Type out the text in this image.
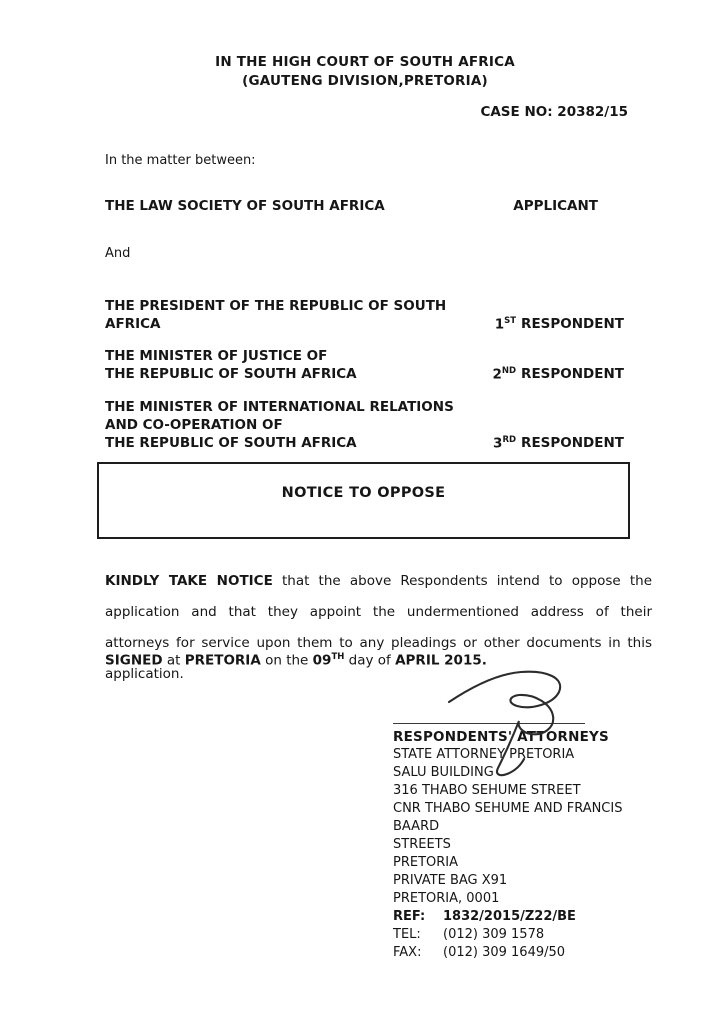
IN THE HIGH COURT OF SOUTH AFRICA
(GAUTENG DIVISION,PRETORIA)
CASE NO: 20382/15
In the matter between:
THE LAW SOCIETY OF SOUTH AFRICA	APPLICANT
And
THE PRESIDENT OF THE REPUBLIC OF SOUTH AFRICA	1ST RESPONDENT
THE MINISTER OF JUSTICE OF
THE REPUBLIC OF SOUTH AFRICA	2ND RESPONDENT
THE MINISTER OF INTERNATIONAL RELATIONS
AND CO-OPERATION OF
THE REPUBLIC OF SOUTH AFRICA	3RD RESPONDENT
NOTICE TO OPPOSE
KINDLY TAKE NOTICE that the above Respondents intend to oppose the application and that they appoint the undermentioned address of their attorneys for service upon them to any pleadings or other documents in this application.
SIGNED at PRETORIA on the 09TH day of APRIL 2015.
RESPONDENTS' ATTORNEYS
STATE ATTORNEY PRETORIA
SALU BUILDING
316 THABO SEHUME STREET
CNR THABO SEHUME AND FRANCIS BAARD
STREETS
PRETORIA
PRIVATE BAG X91
PRETORIA, 0001
REF: 1832/2015/Z22/BE
TEL: (012) 309 1578
FAX: (012) 309 1649/50
